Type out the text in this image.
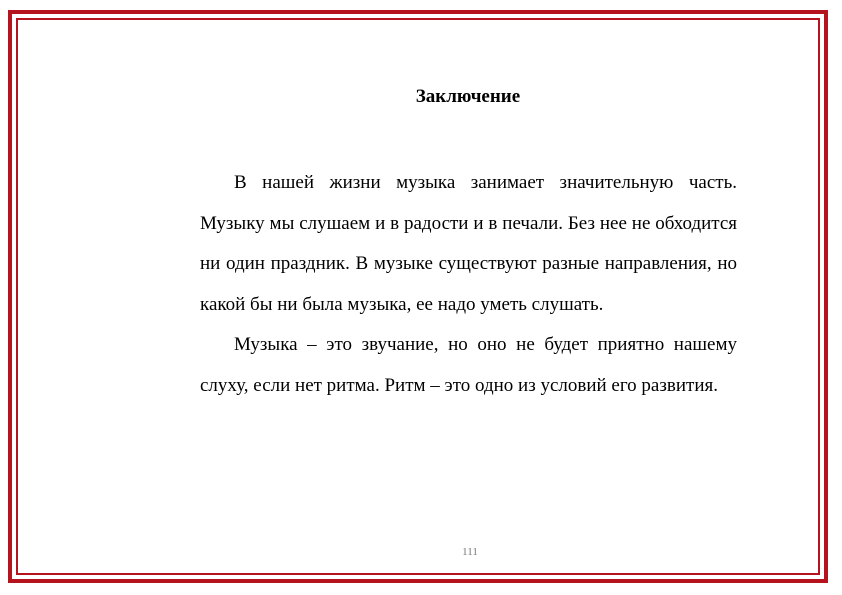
Заключение

В нашей жизни музыка занимает значительную часть. Музыку мы слушаем и в радости и в печали. Без нее не обходится ни один праздник. В музыке существуют разные направления, но какой бы ни была музыка, ее надо уметь слушать.

Музыка – это звучание, но оно не будет приятно нашему слуху, если нет ритма. Ритм – это одно из условий его развития.

111
